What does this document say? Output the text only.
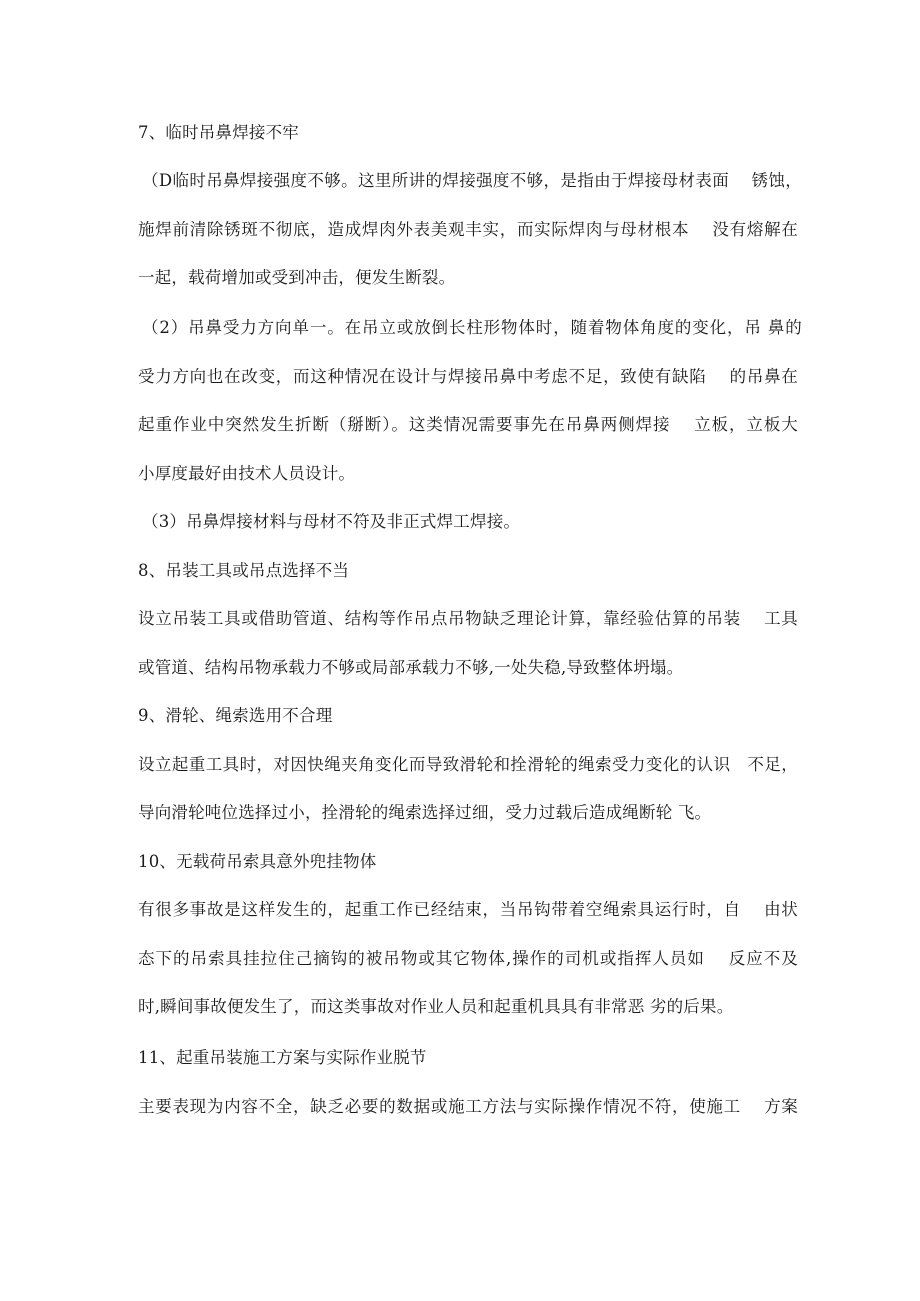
7、临时吊鼻焊接不牢
（Ⅾ临时吊鼻焊接强度不够。这里所讲的焊接强度不够，是指由于焊接母材表面　 锈蚀，
施焊前清除锈斑不彻底，造成焊肉外表美观丰实，而实际焊肉与母材根本　 没有熔解在
一起，载荷增加或受到冲击，便发生断裂。
（2）吊鼻受力方向单一。在吊立或放倒长柱形物体时，随着物体角度的变化，吊 鼻的
受力方向也在改变，而这种情况在设计与焊接吊鼻中考虑不足，致使有缺陷　 的吊鼻在
起重作业中突然发生折断（掰断）。这类情况需要事先在吊鼻两侧焊接　 立板，立板大
小厚度最好由技术人员设计。
（3）吊鼻焊接材料与母材不符及非正式焊工焊接。
8、吊装工具或吊点选择不当
设立吊装工具或借助管道、结构等作吊点吊物缺乏理论计算，靠经验估算的吊装　 工具
或管道、结构吊物承载力不够或局部承载力不够,一处失稳,导致整体坍塌。
9、滑轮、绳索选用不合理
设立起重工具时，对因快绳夹角变化而导致滑轮和拴滑轮的绳索受力变化的认识　不足，
导向滑轮吨位选择过小，拴滑轮的绳索选择过细，受力过载后造成绳断轮 飞。
10、无载荷吊索具意外兜挂物体
有很多事故是这样发生的，起重工作已经结束，当吊钩带着空绳索具运行时，自　 由状
态下的吊索具挂拉住己摘钩的被吊物或其它物体,操作的司机或指挥人员如　 反应不及
时,瞬间事故便发生了，而这类事故对作业人员和起重机具具有非常恶 劣的后果。
11、起重吊装施工方案与实际作业脱节
主要表现为内容不全，缺乏必要的数据或施工方法与实际操作情况不符，使施工　 方案
